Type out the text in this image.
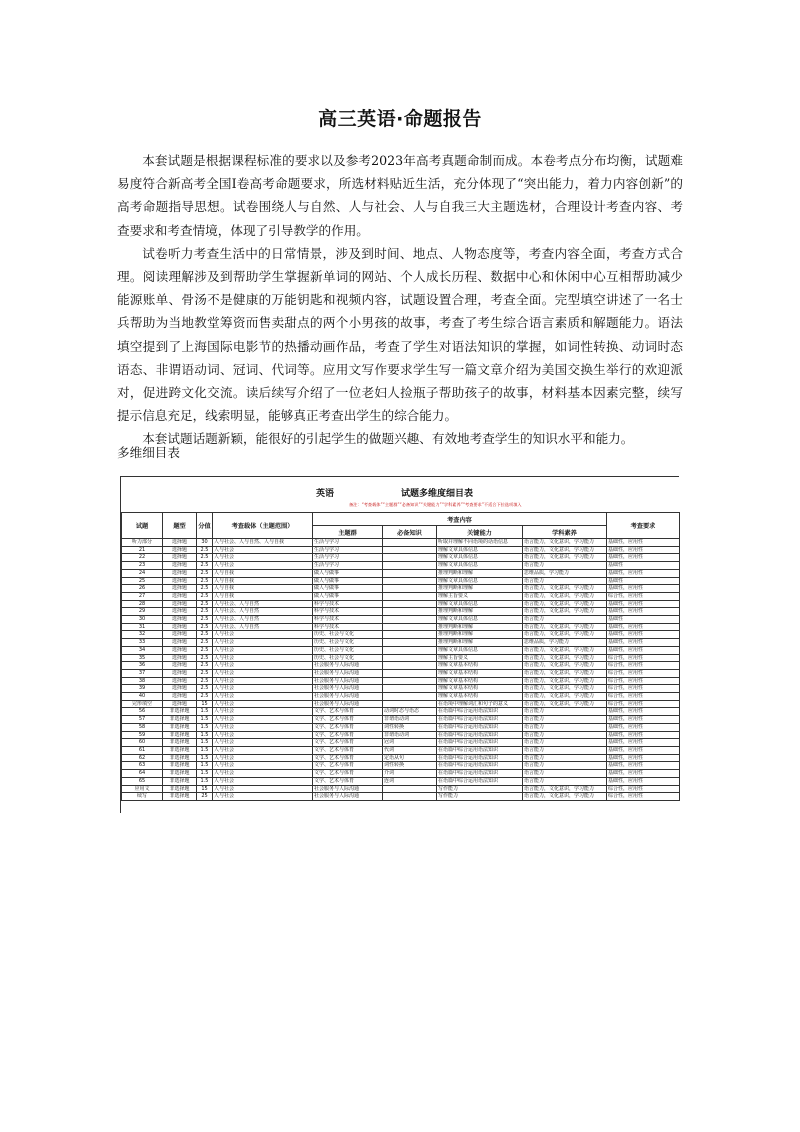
高三英语·命题报告

本套试题是根据课程标准的要求以及参考2023年高考真题命制而成。本卷考点分布均衡，试题难易度符合新高考全国Ⅰ卷高考命题要求，所选材料贴近生活，充分体现了“突出能力，着力内容创新”的高考命题指导思想。试卷围绕人与自然、人与社会、人与自我三大主题选材，合理设计考查内容、考查要求和考查情境，体现了引导教学的作用。

试卷听力考查生活中的日常情景，涉及到时间、地点、人物态度等，考查内容全面，考查方式合理。阅读理解涉及到帮助学生掌握新单词的网站、个人成长历程、数据中心和休闲中心互相帮助减少能源账单、骨汤不是健康的万能钥匙和视频内容，试题设置合理，考查全面。完型填空讲述了一名士兵帮助为当地教堂筹资而售卖甜点的两个小男孩的故事，考查了考生综合语言素质和解题能力。语法填空提到了上海国际电影节的热播动画作品，考查了学生对语法知识的掌握，如词性转换、动词时态语态、非谓语动词、冠词、代词等。应用文写作要求学生写一篇文章介绍为美国交换生举行的欢迎派对，促进跨文化交流。读后续写介绍了一位老妇人捡瓶子帮助孩子的故事，材料基本因素完整，续写提示信息充足，线索明显，能够真正考查出学生的综合能力。

本套试题话题新颖，能很好的引起学生的做题兴趣、有效地考查学生的知识水平和能力。

多维细目表
英语	试题多维度细目表
备注：“考查载体”“主题群”“必备知识”“关键能力”“学科素养”“考查要求”不适合下拉选项填入
试题	题型	分值	考查载体（主题范围）	考查内容				考查要求
				主题群	必备知识	关键能力	学科素养	
听力部分	选择题	30	人与社会、人与自然、人与自我	生活与学习		听取并理解不同语境的话语信息	语言能力，文化意识，学习能力	基础性，应用性
21	选择题	2.5	人与社会	生活与学习		理解文章具体信息	语言能力，文化意识，学习能力	基础性，应用性
22	选择题	2.5	人与社会	生活与学习		理解文章具体信息	语言能力，文化意识，学习能力	基础性，应用性
23	选择题	2.5	人与社会	生活与学习		理解文章具体信息	语言能力	基础性
24	选择题	2.5	人与自我	做人与做事		推理判断和理解	思维品质，学习能力	基础性，应用性
25	选择题	2.5	人与自我	做人与做事		理解文章具体信息	语言能力	基础性
26	选择题	2.5	人与自我	做人与做事		推理判断和理解	语言能力，文化意识，学习能力	基础性，应用性
27	选择题	2.5	人与自我	做人与做事		理解主旨要义	语言能力，文化意识，学习能力	综合性，应用性
28	选择题	2.5	人与社会、人与自然	科学与技术		理解文章具体信息	语言能力，文化意识，学习能力	基础性，应用性
29	选择题	2.5	人与社会、人与自然	科学与技术		推理判断和理解	语言能力，文化意识，学习能力	基础性，应用性
30	选择题	2.5	人与社会、人与自然	科学与技术		理解文章具体信息	语言能力	基础性
31	选择题	2.5	人与社会、人与自然	科学与技术		推理判断和理解	语言能力，文化意识，学习能力	基础性，应用性
32	选择题	2.5	人与社会	历史、社会与文化		推理判断和理解	语言能力，文化意识，学习能力	基础性，应用性
33	选择题	2.5	人与社会	历史、社会与文化		推理判断和理解	思维品质，学习能力	基础性，应用性
34	选择题	2.5	人与社会	历史、社会与文化		理解文章具体信息	语言能力，文化意识，学习能力	基础性，应用性
35	选择题	2.5	人与社会	历史、社会与文化		理解主旨要义	语言能力，文化意识，学习能力	综合性，应用性
36	选择题	2.5	人与社会	社会服务与人际沟通		理解文章基本结构	语言能力，文化意识，学习能力	综合性，应用性
37	选择题	2.5	人与社会	社会服务与人际沟通		理解文章基本结构	语言能力，文化意识，学习能力	综合性，应用性
38	选择题	2.5	人与社会	社会服务与人际沟通		理解文章基本结构	语言能力，文化意识，学习能力	综合性，应用性
39	选择题	2.5	人与社会	社会服务与人际沟通		理解文章基本结构	语言能力，文化意识，学习能力	综合性，应用性
40	选择题	2.5	人与社会	社会服务与人际沟通		理解文章基本结构	语言能力，文化意识，学习能力	综合性，应用性
完形填空	选择题	15	人与社会	社会服务与人际沟通		在语境中理解词汇和句子的意义	语言能力，文化意识，学习能力	综合性，应用性
56	非选择题	1.5	人与社会	文学、艺术与体育	动词时态与语态	在语篇中综合运用语法知识	语言能力	基础性，应用性
57	非选择题	1.5	人与社会	文学、艺术与体育	非谓语动词	在语篇中综合运用语法知识	语言能力	基础性，应用性
58	非选择题	1.5	人与社会	文学、艺术与体育	词性转换	在语篇中综合运用语法知识	语言能力	基础性，应用性
59	非选择题	1.5	人与社会	文学、艺术与体育	非谓语动词	在语篇中综合运用语法知识	语言能力	基础性，应用性
60	非选择题	1.5	人与社会	文学、艺术与体育	冠词	在语篇中综合运用语法知识	语言能力	基础性，应用性
61	非选择题	1.5	人与社会	文学、艺术与体育	代词	在语篇中综合运用语法知识	语言能力	基础性，应用性
62	非选择题	1.5	人与社会	文学、艺术与体育	定语从句	在语篇中综合运用语法知识	语言能力	基础性，应用性
63	非选择题	1.5	人与社会	文学、艺术与体育	词性转换	在语篇中综合运用语法知识	语言能力	基础性，应用性
64	非选择题	1.5	人与社会	文学、艺术与体育	介词	在语篇中综合运用语法知识	语言能力	基础性，应用性
65	非选择题	1.5	人与社会	文学、艺术与体育	连词	在语篇中综合运用语法知识	语言能力	基础性，应用性
应用文	非选择题	15	人与社会	社会服务与人际沟通		写作能力	语言能力，文化意识，学习能力	综合性，应用性
续写	非选择题	25	人与社会	社会服务与人际沟通		写作能力	语言能力，文化意识，学习能力	综合性，应用性
